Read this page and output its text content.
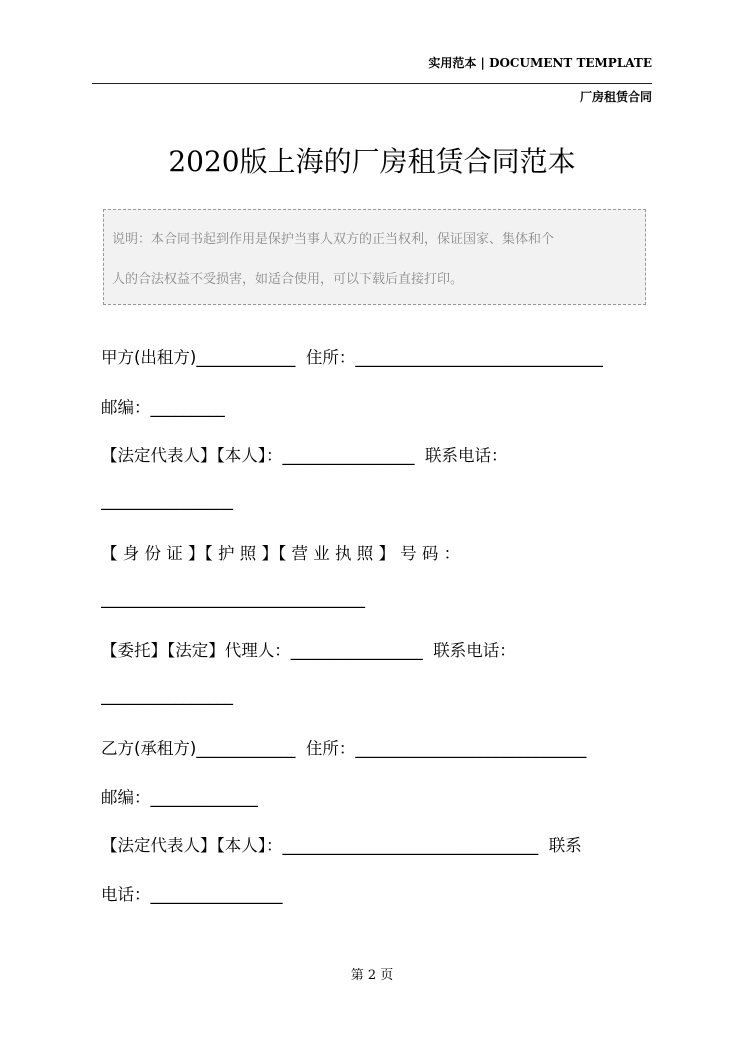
实用范本 | DOCUMENT TEMPLATE
厂房租赁合同
2020版上海的厂房租赁合同范本

说明：本合同书起到作用是保护当事人双方的正当权利，保证国家、集体和个

人的合法权益不受损害，如适合使用，可以下载后直接打印。

甲方(出租方)____________  住所：______________________________
邮编：_________
【法定代表人】【本人】：________________  联系电话：
________________
【 身 份 证 】【 护 照 】【 营 业 执 照 】 号 码 ：
________________________________
【委托】【法定】代理人：________________  联系电话：
________________
乙方(承租方)____________  住所：____________________________
邮编：_____________
【法定代表人】【本人】：_______________________________  联系
电话：________________
第 2 页
